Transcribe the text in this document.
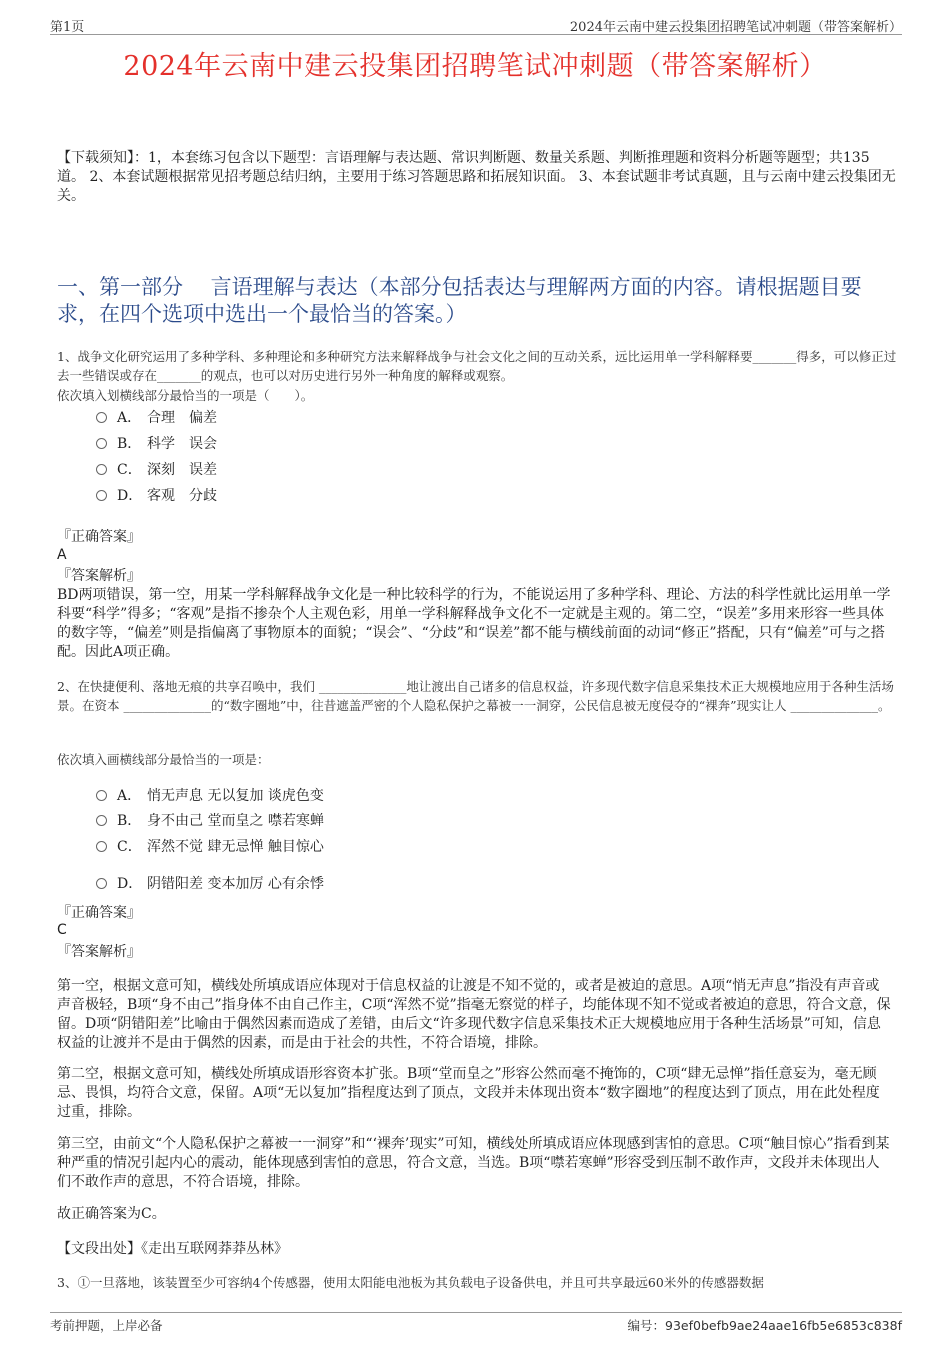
第1页	2024年云南中建云投集团招聘笔试冲刺题（带答案解析）
2024年云南中建云投集团招聘笔试冲刺题（带答案解析）
【下载须知】：1，本套练习包含以下题型：言语理解与表达题、常识判断题、数量关系题、判断推理题和资料分析题等题型；共135道。 2、本套试题根据常见招考题总结归纳，主要用于练习答题思路和拓展知识面。 3、本套试题非考试真题，且与云南中建云投集团无关。
一、第一部分　 言语理解与表达（本部分包括表达与理解两方面的内容。请根据题目要求，在四个选项中选出一个最恰当的答案。）
1、战争文化研究运用了多种学科、多种理论和多种研究方法来解释战争与社会文化之间的互动关系，远比运用单一学科解释要_______得多，可以修正过去一些错误或存在_______的观点，也可以对历史进行另外一种角度的解释或观察。
依次填入划横线部分最恰当的一项是（　　）。
A． 合理　偏差
B． 科学　误会
C． 深刻　误差
D． 客观　分歧
『正确答案』
A
『答案解析』
BD两项错误，第一空，用某一学科解释战争文化是一种比较科学的行为，不能说运用了多种学科、理论、方法的科学性就比运用单一学科要“科学”得多；“客观”是指不掺杂个人主观色彩，用单一学科解释战争文化不一定就是主观的。第二空，“误差”多用来形容一些具体的数字等，“偏差”则是指偏离了事物原本的面貌；“误会”、“分歧”和“误差”都不能与横线前面的动词“修正”搭配，只有“偏差”可与之搭配。因此A项正确。
2、在快捷便利、落地无痕的共享召唤中，我们 ______________地让渡出自己诸多的信息权益，许多现代数字信息采集技术正大规模地应用于各种生活场景。在资本 ______________的“数字圈地”中，往昔遮盖严密的个人隐私保护之幕被一一洞穿，公民信息被无度侵夺的“裸奔”现实让人 ______________。
依次填入画横线部分最恰当的一项是：
A． 悄无声息 无以复加 谈虎色变
B． 身不由己 堂而皇之 噤若寒蝉
C． 浑然不觉 肆无忌惮 触目惊心
D． 阴错阳差 变本加厉 心有余悸
『正确答案』
C
『答案解析』
第一空，根据文意可知，横线处所填成语应体现对于信息权益的让渡是不知不觉的，或者是被迫的意思。A项“悄无声息”指没有声音或声音极轻，B项“身不由己”指身体不由自己作主，C项“浑然不觉”指毫无察觉的样子，均能体现不知不觉或者被迫的意思，符合文意，保留。D项“阴错阳差”比喻由于偶然因素而造成了差错，由后文“许多现代数字信息采集技术正大规模地应用于各种生活场景”可知，信息权益的让渡并不是由于偶然的因素，而是由于社会的共性，不符合语境，排除。
第二空，根据文意可知，横线处所填成语形容资本扩张。B项“堂而皇之”形容公然而毫不掩饰的，C项“肆无忌惮”指任意妄为，毫无顾忌、畏惧，均符合文意，保留。A项“无以复加”指程度达到了顶点，文段并未体现出资本“数字圈地”的程度达到了顶点，用在此处程度过重，排除。
第三空，由前文“个人隐私保护之幕被一一洞穿”和“‘裸奔’现实”可知，横线处所填成语应体现感到害怕的意思。C项“触目惊心”指看到某种严重的情况引起内心的震动，能体现感到害怕的意思，符合文意，当选。B项“噤若寒蝉”形容受到压制不敢作声，文段并未体现出人们不敢作声的意思，不符合语境，排除。
故正确答案为C。
【文段出处】《走出互联网莽莽丛林》
3、①一旦落地，该装置至少可容纳4个传感器，使用太阳能电池板为其负载电子设备供电，并且可共享最远60米外的传感器数据
考前押题，上岸必备	编号：93ef0befb9ae24aae16fb5e6853c838f
